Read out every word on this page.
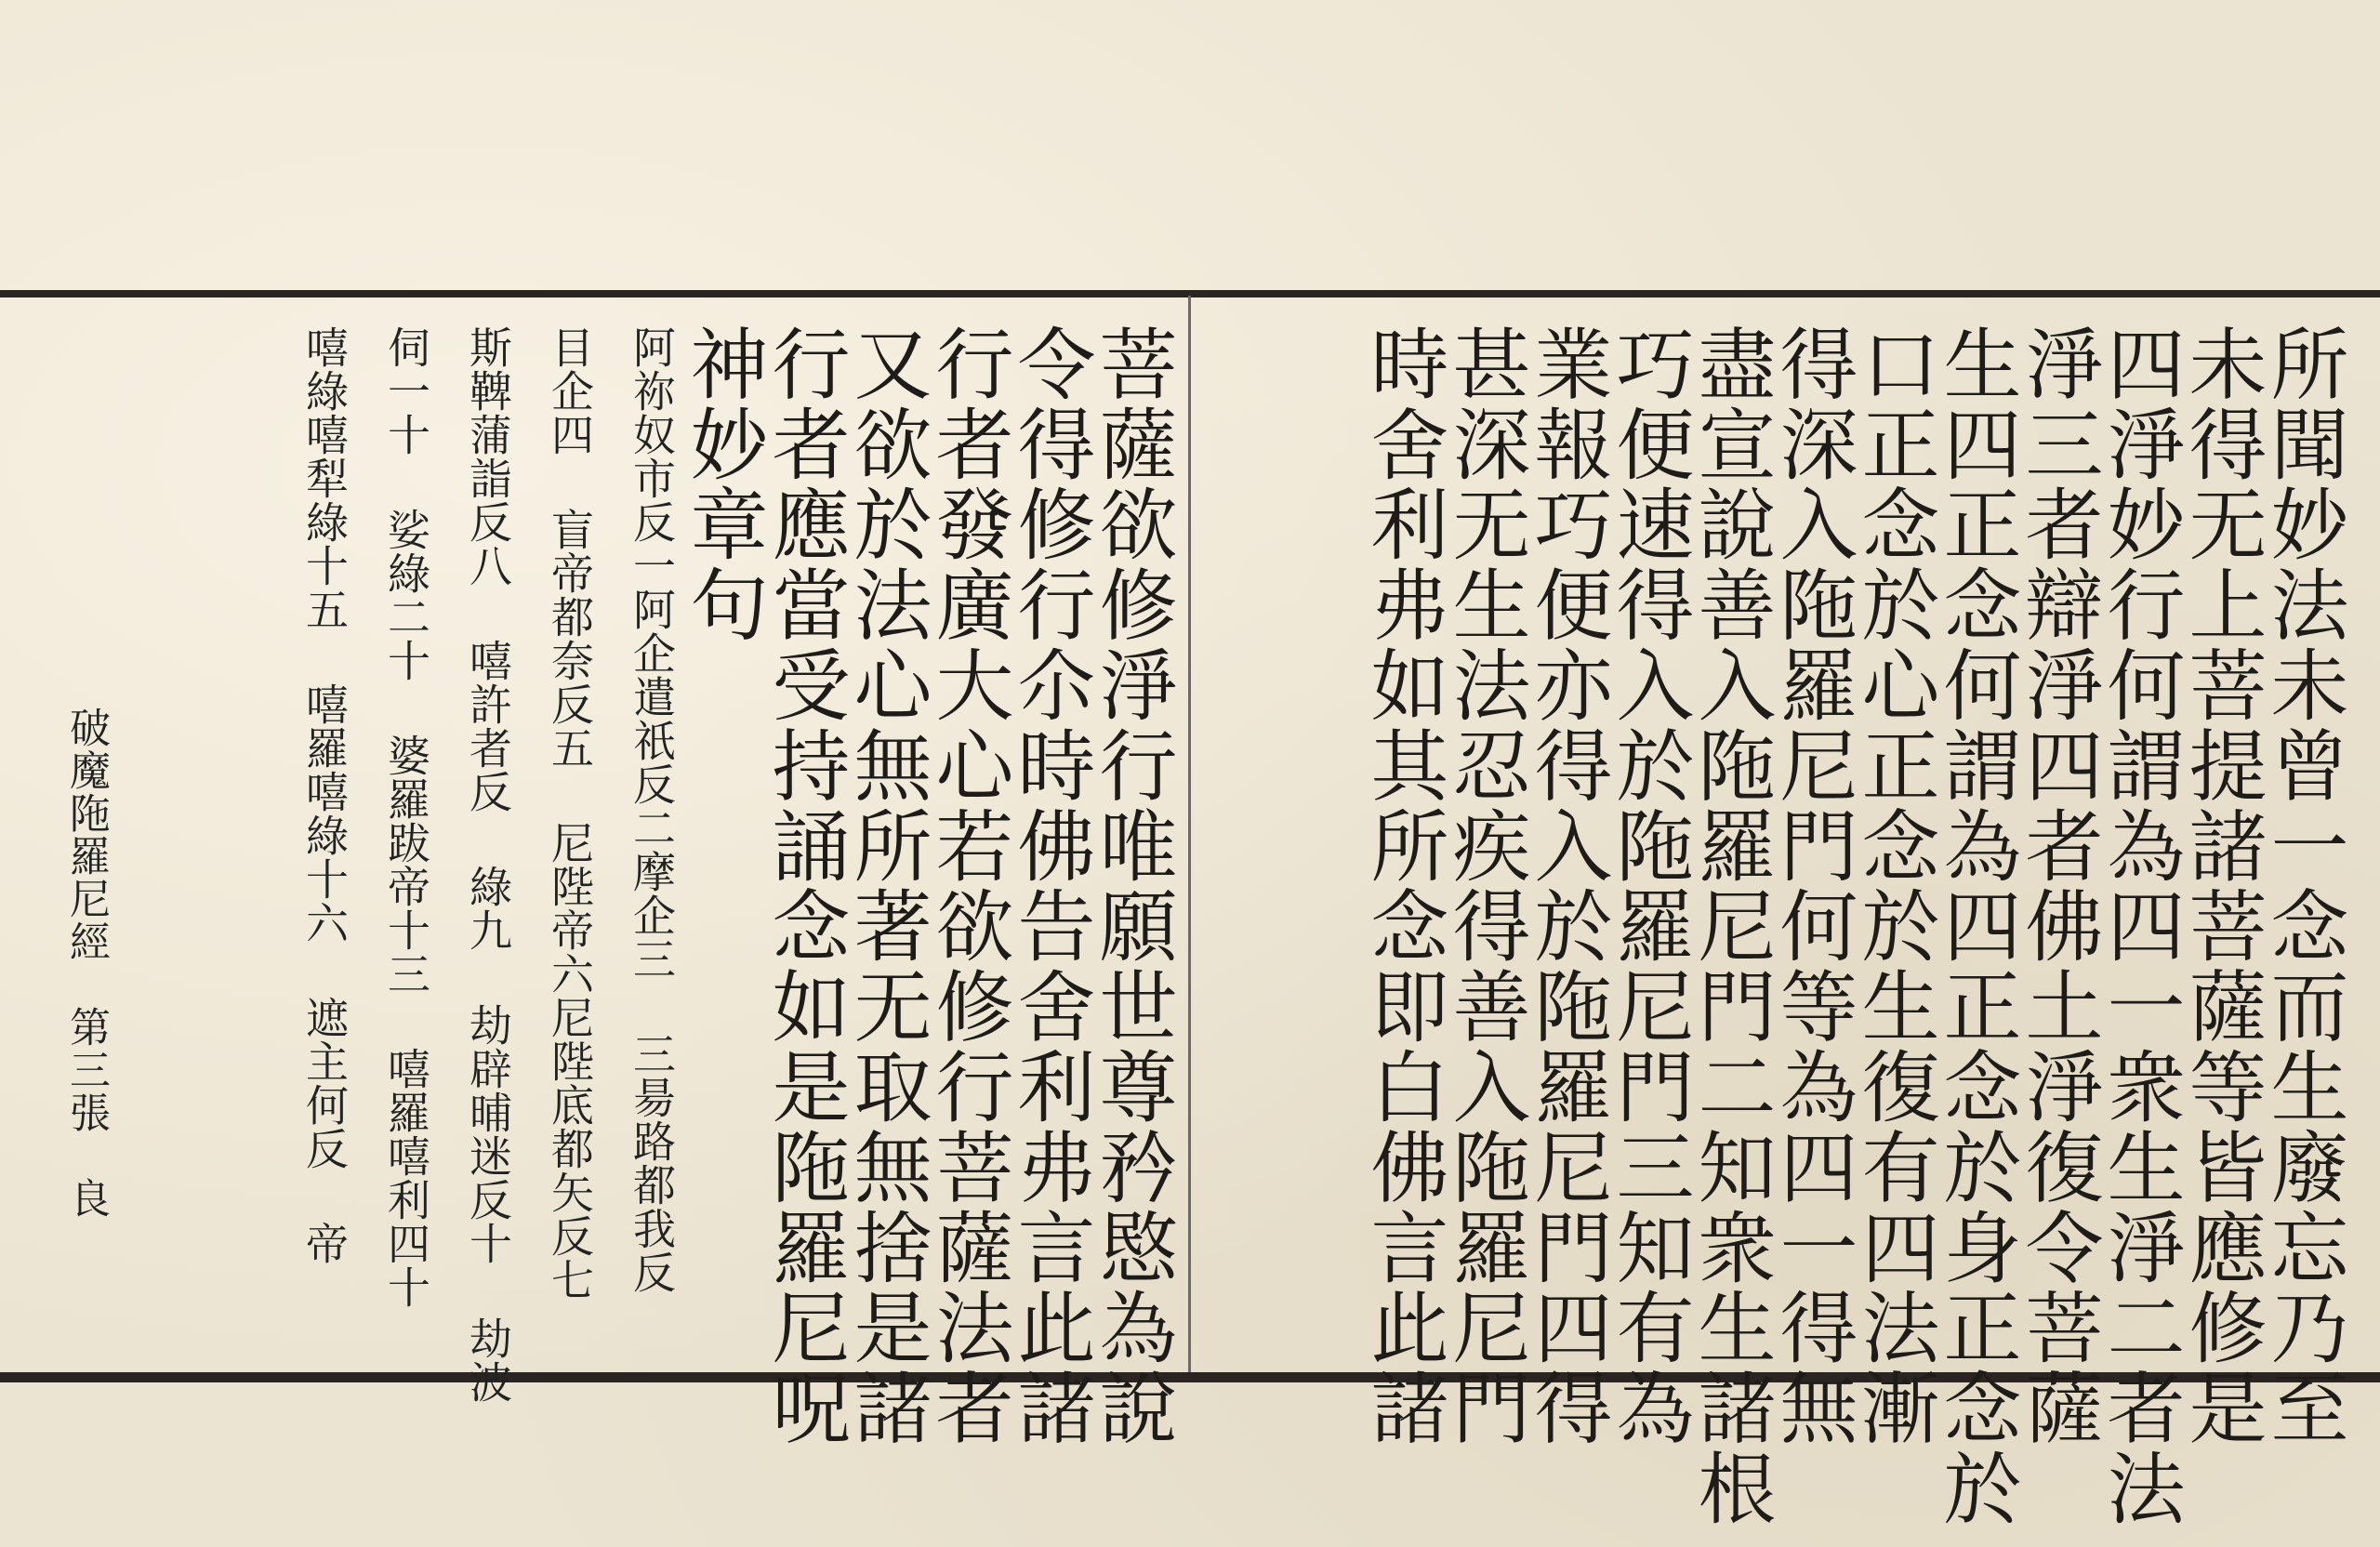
所聞妙法未曾一念而生廢忘乃至
未得无上菩提諸菩薩等皆應修是
四淨妙行何謂為四一衆生淨二者法
淨三者辯淨四者佛土淨復令菩薩
生四正念何謂為四正念於身正念於
口正念於心正念於生復有四法漸
得深入陁羅尼門何等為四一得無
盡宣說善入陁羅尼門二知衆生諸根
巧便速得入於陁羅尼門三知有為
業報巧便亦得入於陁羅尼門四得
甚深无生法忍疾得善入陁羅尼門
時舍利弗如其所念即白佛言此諸
菩薩欲修淨行唯願世尊矜愍為說
令得修行尒時佛告舍利弗言此諸
行者發廣大心若欲修行菩薩法者
又欲於法心無所著无取無捨是諸
行者應當受持誦念如是陁羅尼呪
神妙章句
阿祢奴市反一阿企遣祇反二摩企三 三昜路都我反
目企四 盲帝都奈反五 尼陛帝六尼陛底都矢反七
斯鞞蒲詣反八 嘻許者反 綠九 劫辟晡迷反十 劫波
伺一十 娑綠二十 婆羅跋帝十三 嘻羅嘻利四十
嘻綠嘻犁綠十五 嘻羅嘻綠十六 遮主何反 帝
破魔陁羅尼經　第三張　良
